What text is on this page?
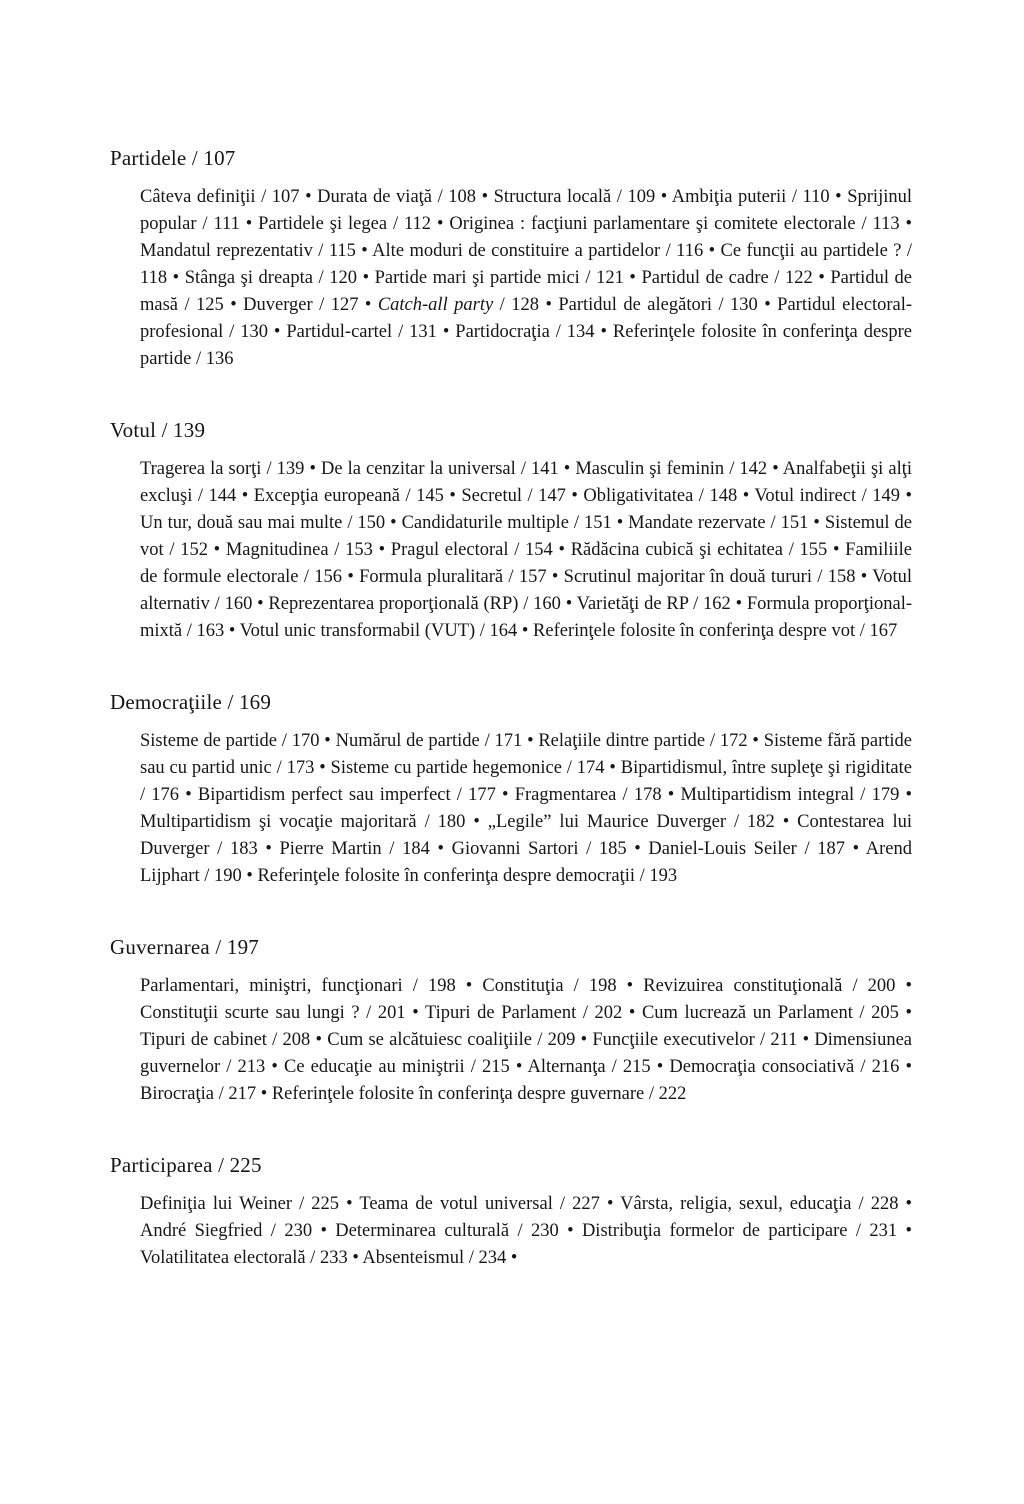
Partidele / 107

Câteva definiţii / 107 • Durata de viaţă / 108 • Structura locală / 109 • Ambiţia puterii / 110 • Sprijinul popular / 111 • Partidele şi legea / 112 • Originea : facţiuni parlamentare şi comitete electorale / 113 • Mandatul reprezentativ / 115 • Alte moduri de constituire a partidelor / 116 • Ce funcţii au partidele ? / 118 • Stânga şi dreapta / 120 • Partide mari şi partide mici / 121 • Partidul de cadre / 122 • Partidul de masă / 125 • Duverger / 127 • Catch-all party / 128 • Partidul de alegători / 130 • Partidul electoral-profesional / 130 • Partidul-cartel / 131 • Partidocraţia / 134 • Referinţele folosite în conferinţa despre partide / 136

Votul / 139

Tragerea la sorţi / 139 • De la cenzitar la universal / 141 • Masculin şi feminin / 142 • Analfabeţii şi alţi excluşi / 144 • Excepţia europeană / 145 • Secretul / 147 • Obligativitatea / 148 • Votul indirect / 149 • Un tur, două sau mai multe / 150 • Candidaturile multiple / 151 • Mandate rezervate / 151 • Sistemul de vot / 152 • Magnitudinea / 153 • Pragul electoral / 154 • Rădăcina cubică şi echitatea / 155 • Familiile de formule electorale / 156 • Formula pluralitară / 157 • Scrutinul majoritar în două tururi / 158 • Votul alternativ / 160 • Reprezentarea proporţională (RP) / 160 • Varietăţi de RP / 162 • Formula proporţional-mixtă / 163 • Votul unic transformabil (VUT) / 164 • Referinţele folosite în conferinţa despre vot / 167

Democraţiile / 169

Sisteme de partide / 170 • Numărul de partide / 171 • Relaţiile dintre partide / 172 • Sisteme fără partide sau cu partid unic / 173 • Sisteme cu partide hegemonice / 174 • Bipartidismul, între supleţe şi rigiditate / 176 • Bipartidism perfect sau imperfect / 177 • Fragmentarea / 178 • Multipartidism integral / 179 • Multipartidism şi vocaţie majoritară / 180 • „Legile” lui Maurice Duverger / 182 • Contestarea lui Duverger / 183 • Pierre Martin / 184 • Giovanni Sartori / 185 • Daniel-Louis Seiler / 187 • Arend Lijphart / 190 • Referinţele folosite în conferinţa despre democraţii / 193

Guvernarea / 197

Parlamentari, miniştri, funcţionari / 198 • Constituţia / 198 • Revizuirea constituţională / 200 • Constituţii scurte sau lungi ? / 201 • Tipuri de Parlament / 202 • Cum lucrează un Parlament / 205 • Tipuri de cabinet / 208 • Cum se alcătuiesc coaliţiile / 209 • Funcţiile executivelor / 211 • Dimensiunea guvernelor / 213 • Ce educaţie au miniştrii / 215 • Alternanţa / 215 • Democraţia consociativă / 216 • Birocraţia / 217 • Referinţele folosite în conferinţa despre guvernare / 222

Participarea / 225

Definiţia lui Weiner / 225 • Teama de votul universal / 227 • Vârsta, religia, sexul, educaţia / 228 • André Siegfried / 230 • Determinarea culturală / 230 • Distribuţia formelor de participare / 231 • Volatilitatea electorală / 233 • Absenteismul / 234 •
